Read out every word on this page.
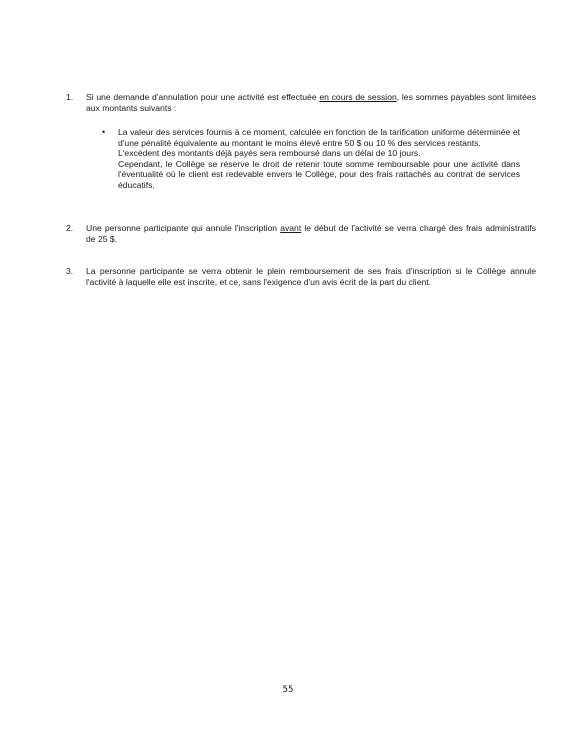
1.	Si une demande d'annulation pour une activité est effectuée en cours de session, les sommes payables sont limitées aux montants suivants :
• La valeur des services fournis à ce moment, calculée en fonction de la tarification uniforme déterminée et d'une pénalité équivalente au montant le moins élevé entre 50 $ ou 10 % des services restants.
L'excédent des montants déjà payés sera remboursé dans un délai de 10 jours.
Cependant, le Collège se réserve le droit de retenir toute somme remboursable pour une activité dans l'éventualité où le client est redevable envers le Collège, pour des frais rattachés au contrat de services éducatifs.
2.	Une personne participante qui annule l'inscription avant le début de l'activité se verra chargé des frais administratifs de 25 $.
3.	La personne participante se verra obtenir le plein remboursement de ses frais d'inscription si le Collège annule l'activité à laquelle elle est inscrite, et ce, sans l'exigence d'un avis écrit de la part du client.
55
